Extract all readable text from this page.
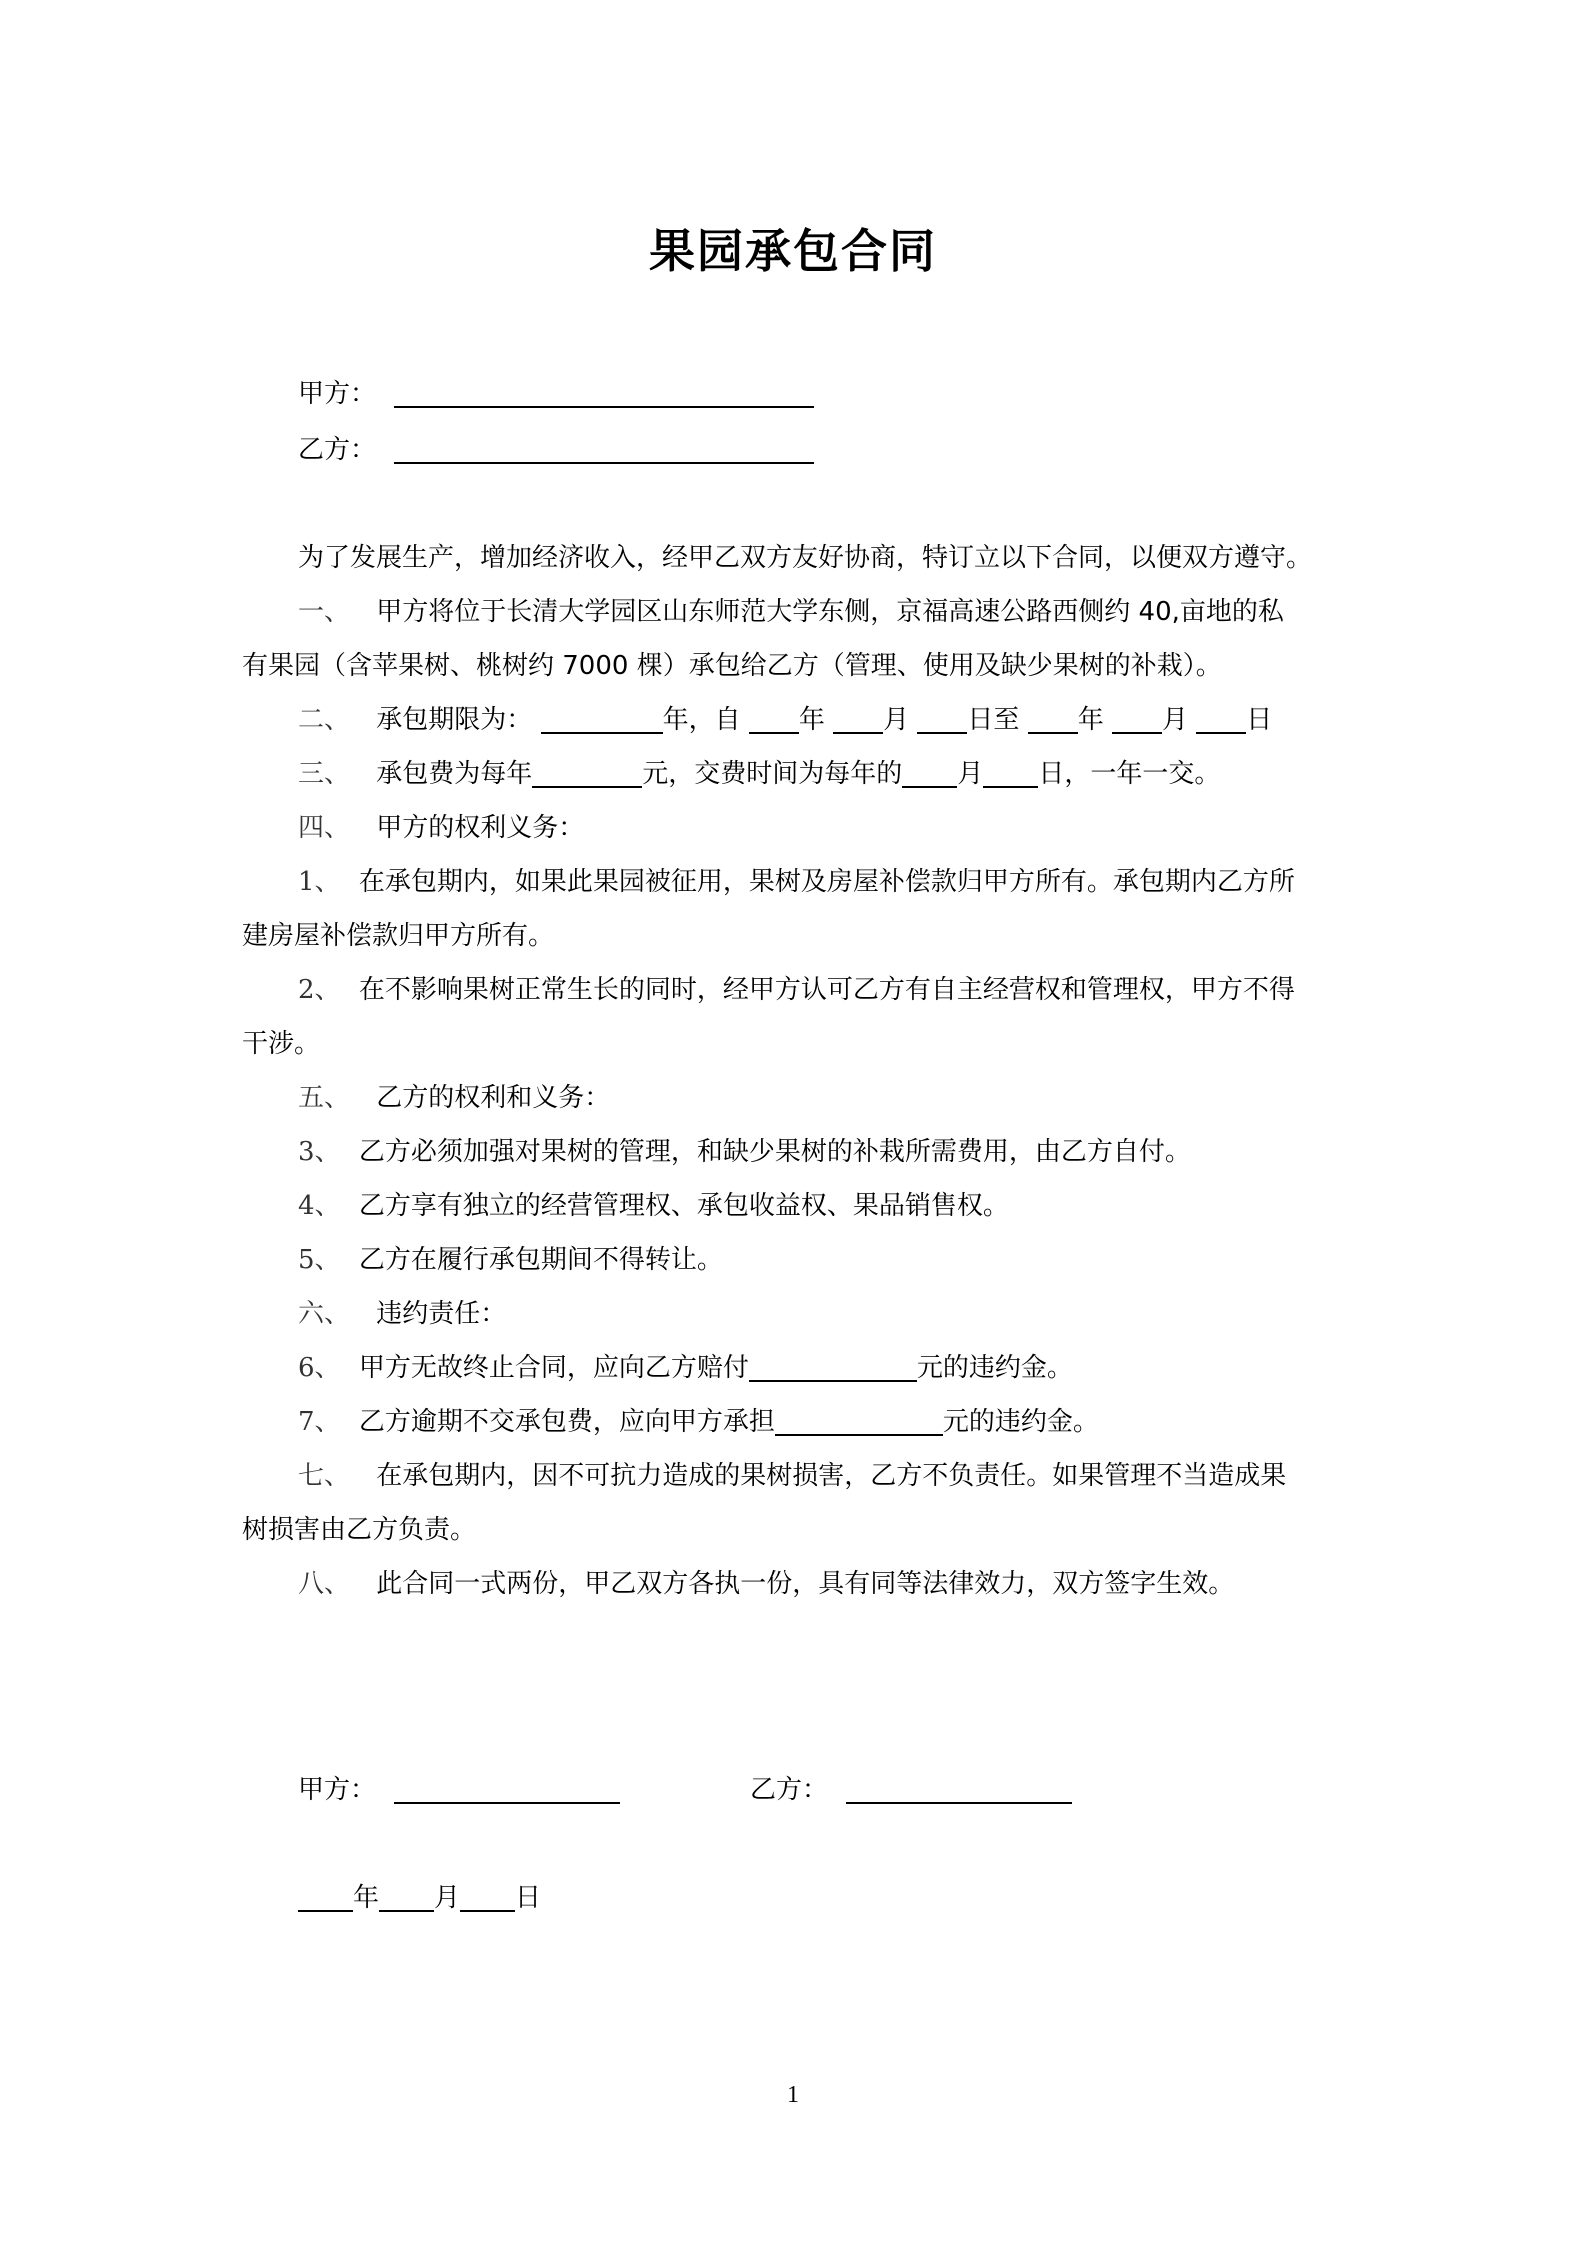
果园承包合同
甲方：
乙方：
为了发展生产，增加经济收入，经甲乙双方友好协商，特订立以下合同，以便双方遵守。
一、 甲方将位于长清大学园区山东师范大学东侧，京福高速公路西侧约 40,亩地的私
有果园（含苹果树、桃树约 7000 棵）承包给乙方（管理、使用及缺少果树的补栽）。
二、 承包期限为：	年，自 年 月 日至 年 月 日
三、 承包费为每年	元，交费时间为每年的 月 日，一年一交。
四、 甲方的权利义务：
1、 在承包期内，如果此果园被征用，果树及房屋补偿款归甲方所有。承包期内乙方所
建房屋补偿款归甲方所有。
2、 在不影响果树正常生长的同时，经甲方认可乙方有自主经营权和管理权，甲方不得
干涉。
五、 乙方的权利和义务：
3、 乙方必须加强对果树的管理，和缺少果树的补栽所需费用，由乙方自付。
4、 乙方享有独立的经营管理权、承包收益权、果品销售权。
5、 乙方在履行承包期间不得转让。
六、 违约责任：
6、 甲方无故终止合同，应向乙方赔付	元的违约金。
7、 乙方逾期不交承包费，应向甲方承担	元的违约金。
七、 在承包期内，因不可抗力造成的果树损害，乙方不负责任。如果管理不当造成果
树损害由乙方负责。
八、 此合同一式两份，甲乙双方各执一份，具有同等法律效力，双方签字生效。
甲方：	乙方：
年 月 日
1
